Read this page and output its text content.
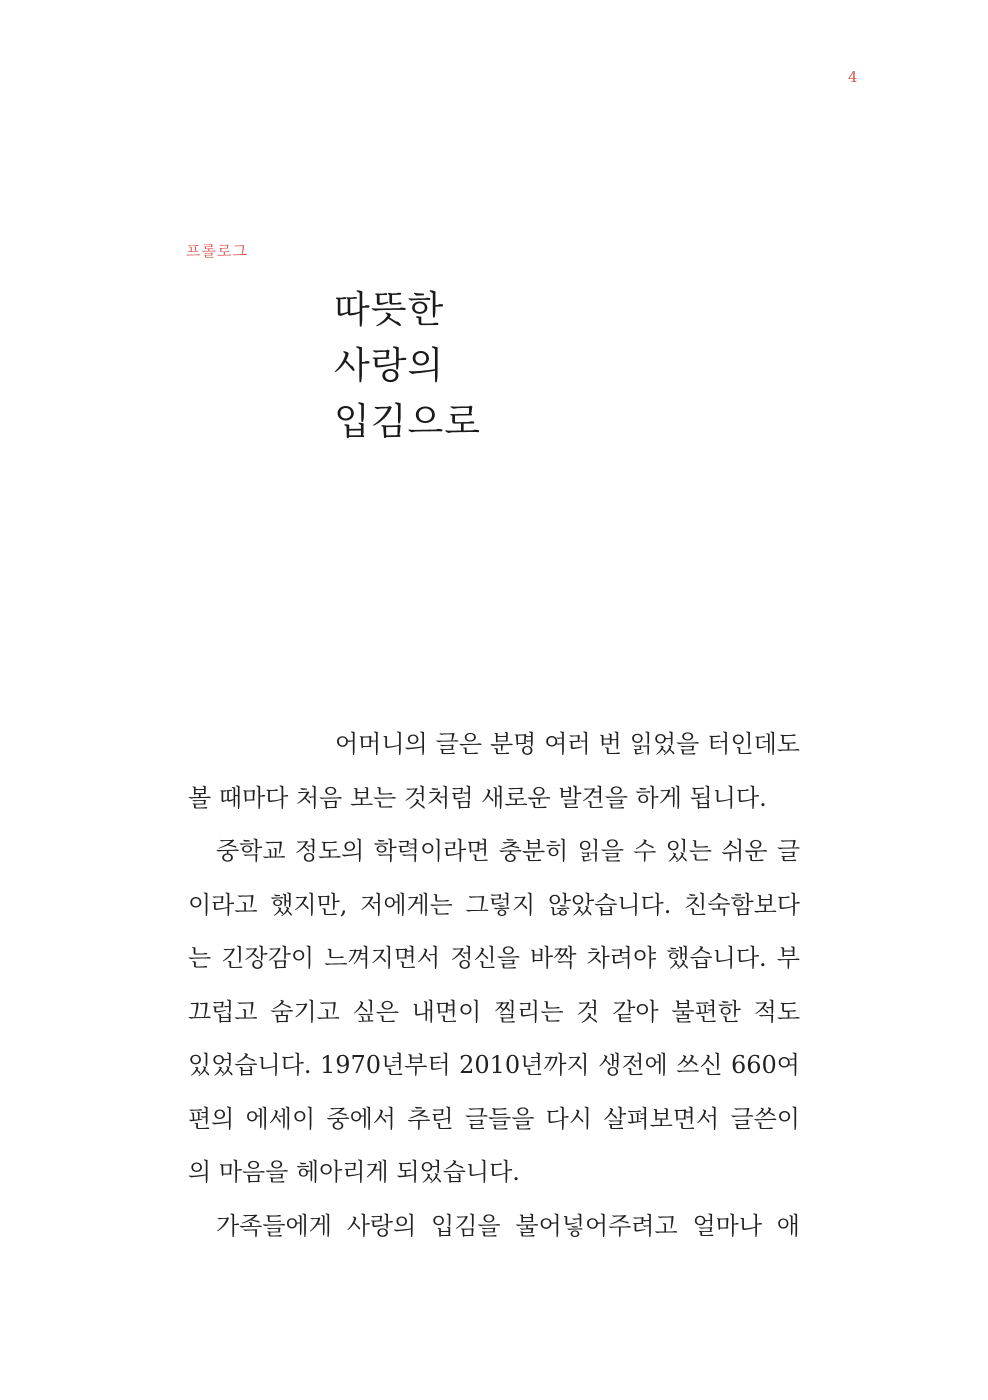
4
프롤로그
따뜻한
사랑의
입김으로
어머니의 글은 분명 여러 번 읽었을 터인데도
볼 때마다 처음 보는 것처럼 새로운 발견을 하게 됩니다.
중학교 정도의 학력이라면 충분히 읽을 수 있는 쉬운 글
이라고 했지만, 저에게는 그렇지 않았습니다. 친숙함보다
는 긴장감이 느껴지면서 정신을 바짝 차려야 했습니다. 부
끄럽고 숨기고 싶은 내면이 찔리는 것 같아 불편한 적도
있었습니다. 1970년부터 2010년까지 생전에 쓰신 660여
편의 에세이 중에서 추린 글들을 다시 살펴보면서 글쓴이
의 마음을 헤아리게 되었습니다.
가족들에게 사랑의 입김을 불어넣어주려고 얼마나 애
